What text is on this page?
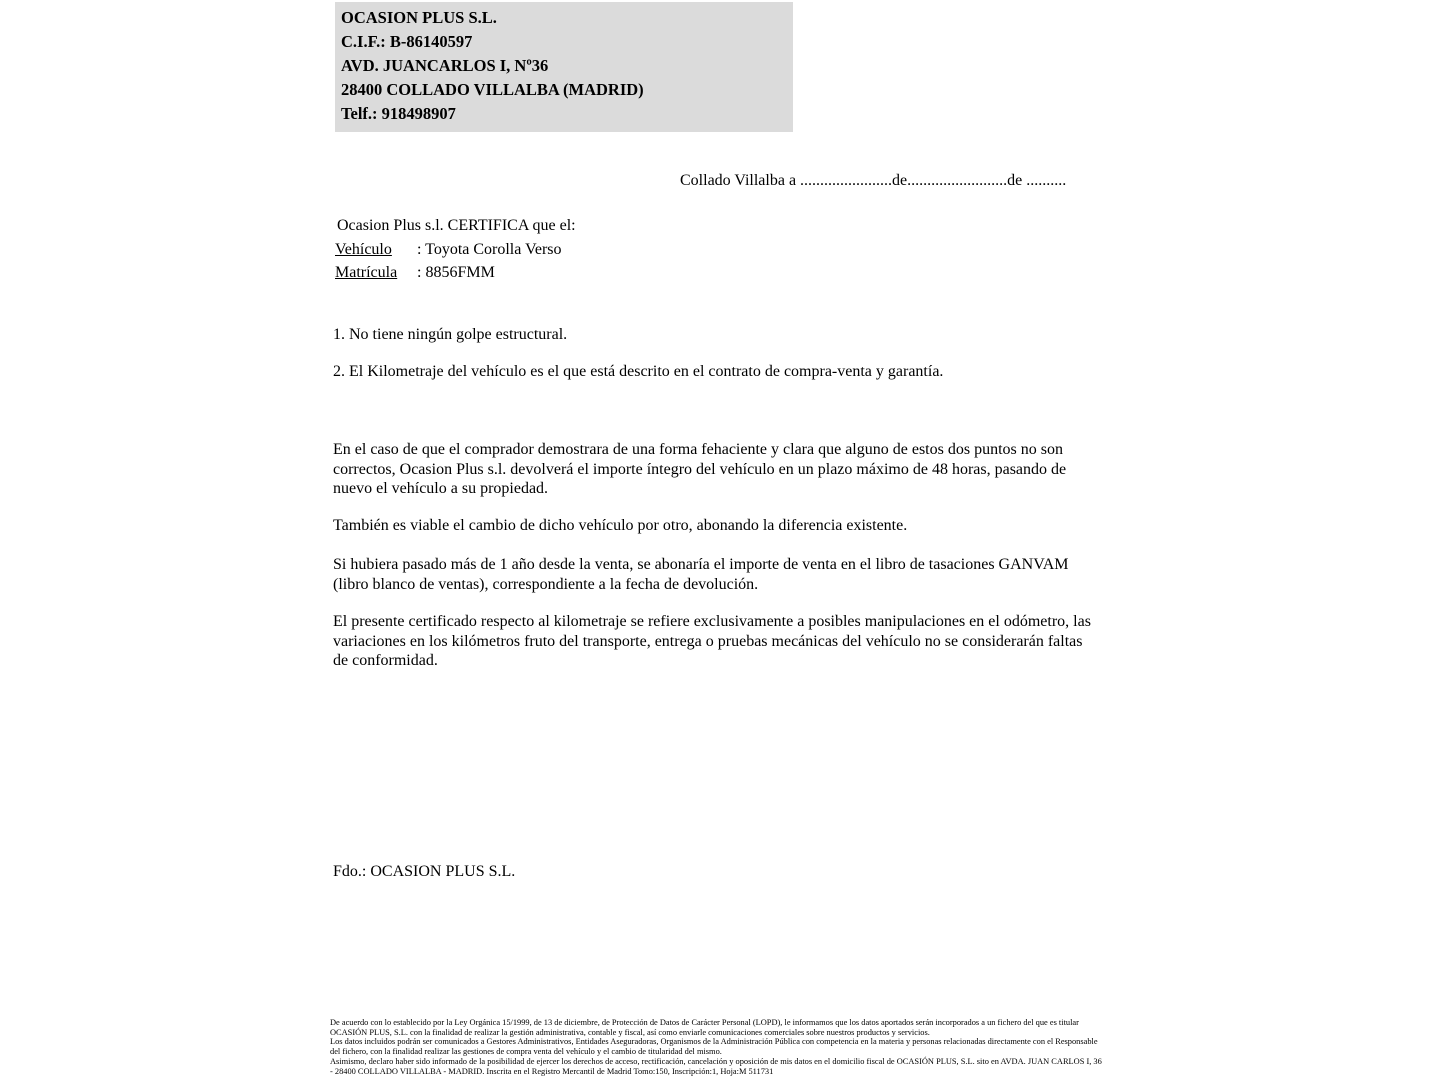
OCASION PLUS S.L.
C.I.F.: B-86140597
AVD. JUANCARLOS I, Nº36
28400 COLLADO VILLALBA (MADRID)
Telf.: 918498907
Collado Villalba a .......................de.........................de ..........
Ocasion Plus s.l. CERTIFICA que el:
Vehículo : Toyota Corolla Verso
Matrícula : 8856FMM
1. No tiene ningún golpe estructural.
2. El Kilometraje del vehículo es el que está descrito en el contrato de compra-venta y garantía.
En el caso de que el comprador demostrara de una forma fehaciente y clara que alguno de estos dos puntos no son correctos, Ocasion Plus s.l. devolverá el importe íntegro del vehículo en un plazo máximo de 48 horas, pasando de nuevo el vehículo a su propiedad.
También es viable el cambio de dicho vehículo por otro, abonando la diferencia existente.
Si hubiera pasado más de 1 año desde la venta, se abonaría el importe de venta en el libro de tasaciones GANVAM (libro blanco de ventas), correspondiente a la fecha de devolución.
El presente certificado respecto al kilometraje se refiere exclusivamente a posibles manipulaciones en el odómetro, las variaciones en los kilómetros fruto del transporte, entrega o pruebas mecánicas del vehículo no se considerarán faltas de conformidad.
Fdo.: OCASION PLUS S.L.

De acuerdo con lo establecido por la Ley Orgánica 15/1999, de 13 de diciembre, de Protección de Datos de Carácter Personal (LOPD), le informamos que los datos aportados serán incorporados a un fichero del que es titular OCASIÓN PLUS, S.L. con la finalidad de realizar la gestión administrativa, contable y fiscal, así como enviarle comunicaciones comerciales sobre nuestros productos y servicios.

Los datos incluidos podrán ser comunicados a Gestores Administrativos, Entidades Aseguradoras, Organismos de la Administración Pública con competencia en la materia y personas relacionadas directamente con el Responsable del fichero, con la finalidad realizar las gestiones de compra venta del vehículo y el cambio de titularidad del mismo.

Asimismo, declaro haber sido informado de la posibilidad de ejercer los derechos de acceso, rectificación, cancelación y oposición de mis datos en el domicilio fiscal de OCASIÓN PLUS, S.L. sito en AVDA. JUAN CARLOS I, 36 - 28400 COLLADO VILLALBA - MADRID. Inscrita en el Registro Mercantil de Madrid Tomo:150, Inscripción:1, Hoja:M 511731
